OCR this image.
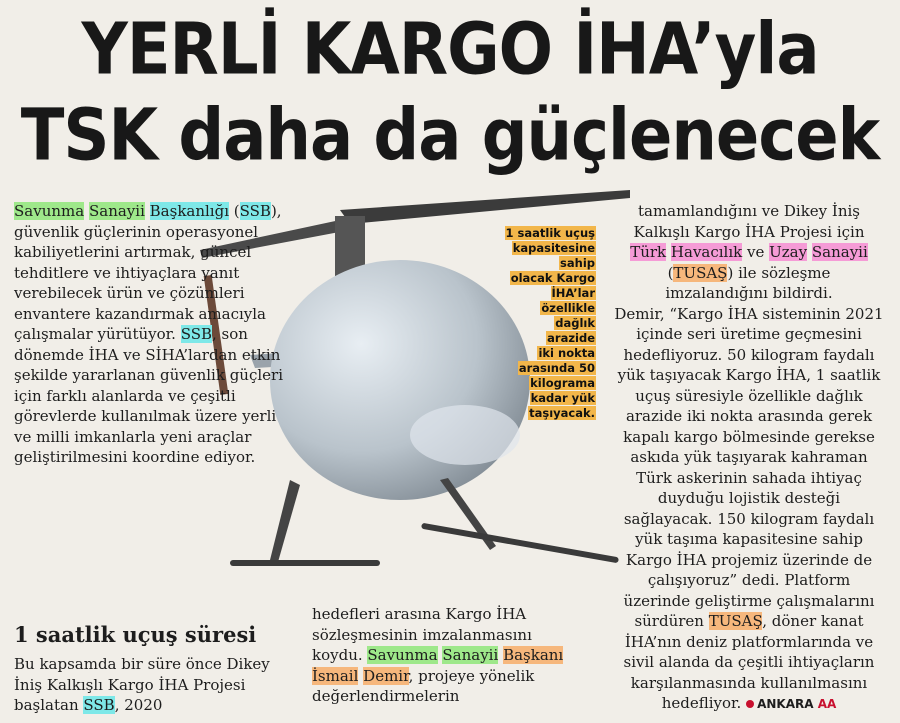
YERLİ KARGO İHA’yla
TSK daha da güçlenecek
Savunma Sanayii Başkanlığı (SSB), güvenlik güçlerinin operasyonel kabiliyetlerini artırmak, güncel tehditlere ve ihtiyaçlara yanıt verebilecek ürün ve çözümleri envantere kazandırmak amacıyla çalışmalar yürütüyor. SSB, son dönemde İHA ve SİHA’lardan etkin şekilde yararlanan güvenlik güçleri için farklı alanlarda ve çeşitli görevlerde kullanılmak üzere yerli ve milli imkanlarla yeni araçlar geliştirilmesini koordine ediyor.
1 saatlik uçuş süresi
Bu kapsamda bir süre önce Dikey İniş Kalkışlı Kargo İHA Projesi başlatan SSB, 2020
hedefleri arasına Kargo İHA sözleşmesinin imzalanmasını koydu. Savunma Sanayii Başkanı İsmail Demir, projeye yönelik değerlendirmelerin
tamamlandığını ve Dikey İniş Kalkışlı Kargo İHA Projesi için Türk Havacılık ve Uzay Sanayii (TUSAŞ) ile sözleşme imzalandığını bildirdi.
Demir, “Kargo İHA sisteminin 2021 içinde seri üretime geçmesini hedefliyoruz. 50 kilogram faydalı yük taşıyacak Kargo İHA, 1 saatlik uçuş süresiyle özellikle dağlık arazide iki nokta arasında gerek kapalı kargo bölmesinde gerekse askıda yük taşıyarak kahraman Türk askerinin sahada ihtiyaç duyduğu lojistik desteği sağlayacak. 150 kilogram faydalı yük taşıma kapasitesine sahip Kargo İHA projemiz üzerinde de çalışıyoruz” dedi. Platform üzerinde geliştirme çalışmalarını sürdüren TUSAŞ, döner kanat İHA’nın deniz platformlarında ve sivil alanda da çeşitli ihtiyaçların karşılanmasında kullanılmasını hedefliyor. ANKARA AA
1 saatlik uçuş
kapasitesine
sahip
olacak Kargo
İHA’lar
özellikle
dağlık
arazide
iki nokta
arasında 50
kilograma
kadar yük
taşıyacak.
